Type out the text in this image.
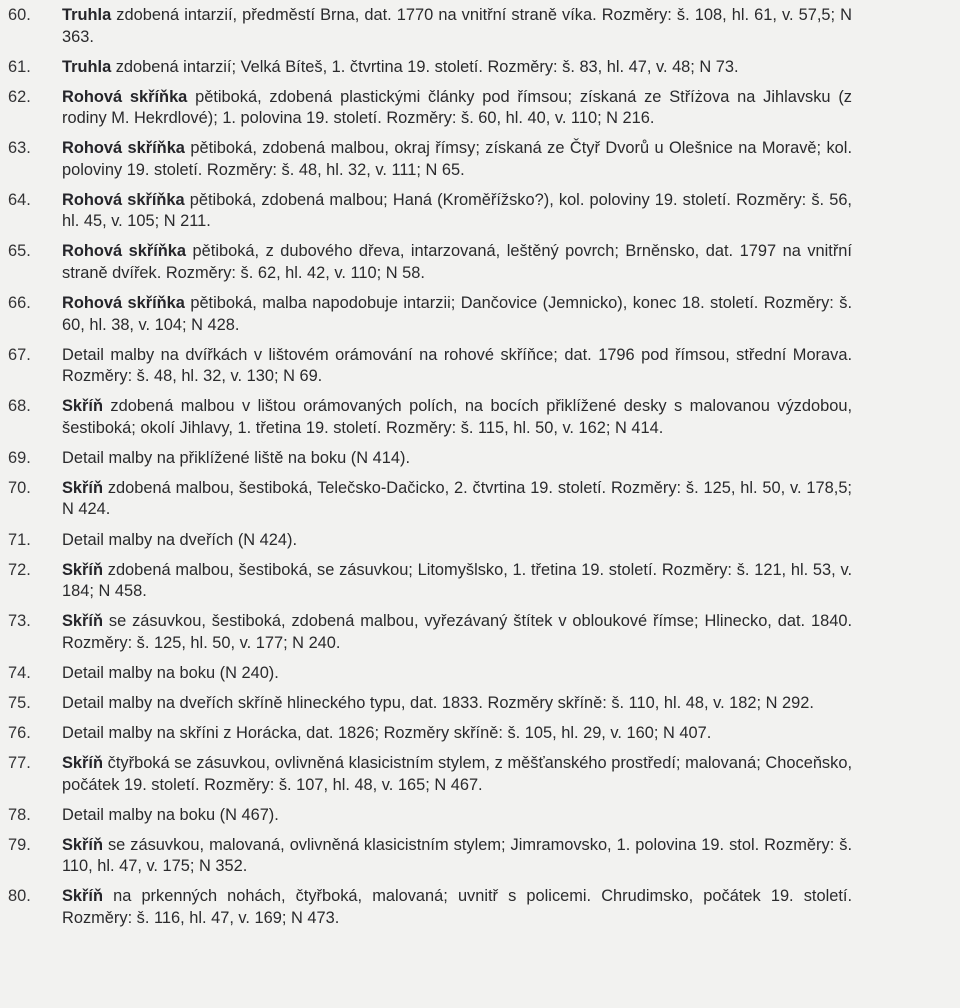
60.	Truhla zdobená intarzií, předměstí Brna, dat. 1770 na vnitřní straně víka. Rozměry: š. 108, hl. 61, v. 57,5; N 363.
61.	Truhla zdobená intarzií; Velká Bíteš, 1. čtvrtina 19. století. Rozměry: š. 83, hl. 47, v. 48; N 73.
62.	Rohová skříňka pětiboká, zdobená plastickými články pod římsou; získaná ze Stříżova na Jihlavsku (z rodiny M. Hekrdlové); 1. polovina 19. století. Rozměry: š. 60, hl. 40, v. 110; N 216.
63.	Rohová skříňka pětiboká, zdobená malbou, okraj římsy; získaná ze Čtyř Dvorů u Olešnice na Moravě; kol. poloviny 19. století. Rozměry: š. 48, hl. 32, v. 111; N 65.
64.	Rohová skříňka pětiboká, zdobená malbou; Haná (Kroměřížsko?), kol. poloviny 19. století. Rozměry: š. 56, hl. 45, v. 105; N 211.
65.	Rohová skříňka pětiboká, z dubového dřeva, intarzovaná, leštěný povrch; Brněnsko, dat. 1797 na vnitřní straně dvířek. Rozměry: š. 62, hl. 42, v. 110; N 58.
66.	Rohová skříňka pětiboká, malba napodobuje intarzii; Dančovice (Jemnicko), konec 18. století. Rozměry: š. 60, hl. 38, v. 104; N 428.
67.	Detail malby na dvířkách v lištovém orámování na rohové skříňce; dat. 1796 pod římsou, střední Morava. Rozměry: š. 48, hl. 32, v. 130; N 69.
68.	Skříň zdobená malbou v lištou orámovaných polích, na bocích přiklížené desky s malovanou výzdobou, šestiboká; okolí Jihlavy, 1. třetina 19. století. Rozměry: š. 115, hl. 50, v. 162; N 414.
69.	Detail malby na přiklížené liště na boku (N 414).
70.	Skříň zdobená malbou, šestiboká, Telečsko-Dačicko, 2. čtvrtina 19. století. Rozměry: š. 125, hl. 50, v. 178,5; N 424.
71.	Detail malby na dveřích (N 424).
72.	Skříň zdobená malbou, šestiboká, se zásuvkou; Litomyšlsko, 1. třetina 19. století. Rozměry: š. 121, hl. 53, v. 184; N 458.
73.	Skříň se zásuvkou, šestiboká, zdobená malbou, vyřezávaný štítek v obloukové římse; Hlinecko, dat. 1840. Rozměry: š. 125, hl. 50, v. 177; N 240.
74.	Detail malby na boku (N 240).
75.	Detail malby na dveřích skříně hlineckého typu, dat. 1833. Rozměry skříně: š. 110, hl. 48, v. 182; N 292.
76.	Detail malby na skříni z Horácka, dat. 1826; Rozměry skříně: š. 105, hl. 29, v. 160; N 407.
77.	Skříň čtyřboká se zásuvkou, ovlivněná klasicistním stylem, z měšťanského prostředí; malovaná; Choceňsko, počátek 19. století. Rozměry: š. 107, hl. 48, v. 165; N 467.
78.	Detail malby na boku (N 467).
79.	Skříň se zásuvkou, malovaná, ovlivněná klasicistním stylem; Jimramovsko, 1. polovina 19. stol. Rozměry: š. 110, hl. 47, v. 175; N 352.
80.	Skříň na prkenných nohách, čtyřboká, malovaná; uvnitř s policemi. Chrudimsko, počátek 19. století. Rozměry: š. 116, hl. 47, v. 169; N 473.
